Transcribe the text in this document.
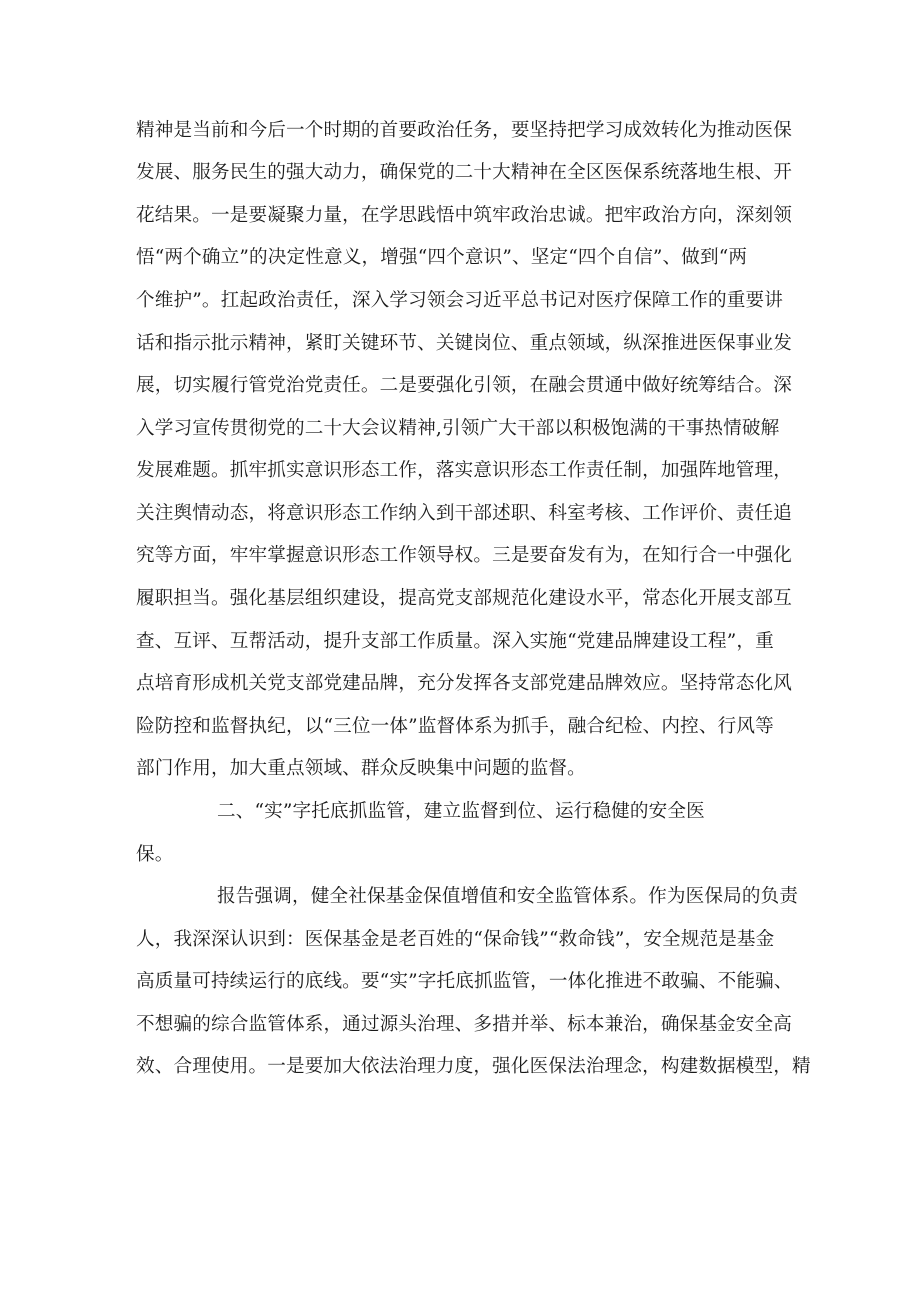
精神是当前和今后一个时期的首要政治任务，要坚持把学习成效转化为推动医保
发展、服务民生的强大动力，确保党的二十大精神在全区医保系统落地生根、开
花结果。一是要凝聚力量，在学思践悟中筑牢政治忠诚。把牢政治方向，深刻领
悟“两个确立”的决定性意义，增强“四个意识”、坚定“四个自信”、做到“两
个维护”。扛起政治责任，深入学习领会习近平总书记对医疗保障工作的重要讲
话和指示批示精神，紧盯关键环节、关键岗位、重点领域，纵深推进医保事业发
展，切实履行管党治党责任。二是要强化引领，在融会贯通中做好统筹结合。深
入学习宣传贯彻党的二十大会议精神,引领广大干部以积极饱满的干事热情破解
发展难题。抓牢抓实意识形态工作，落实意识形态工作责任制，加强阵地管理，
关注舆情动态，将意识形态工作纳入到干部述职、科室考核、工作评价、责任追
究等方面，牢牢掌握意识形态工作领导权。三是要奋发有为，在知行合一中强化
履职担当。强化基层组织建设，提高党支部规范化建设水平，常态化开展支部互
查、互评、互帮活动，提升支部工作质量。深入实施“党建品牌建设工程”，重
点培育形成机关党支部党建品牌，充分发挥各支部党建品牌效应。坚持常态化风
险防控和监督执纪，以“三位一体”监督体系为抓手，融合纪检、内控、行风等
部门作用，加大重点领域、群众反映集中问题的监督。
二、“实”字托底抓监管，建立监督到位、运行稳健的安全医
保。
报告强调，健全社保基金保值增值和安全监管体系。作为医保局的负责
人，我深深认识到：医保基金是老百姓的“保命钱”“救命钱”，安全规范是基金
高质量可持续运行的底线。要“实”字托底抓监管，一体化推进不敢骗、不能骗、
不想骗的综合监管体系，通过源头治理、多措并举、标本兼治，确保基金安全高
效、合理使用。一是要加大依法治理力度，强化医保法治理念，构建数据模型，精
